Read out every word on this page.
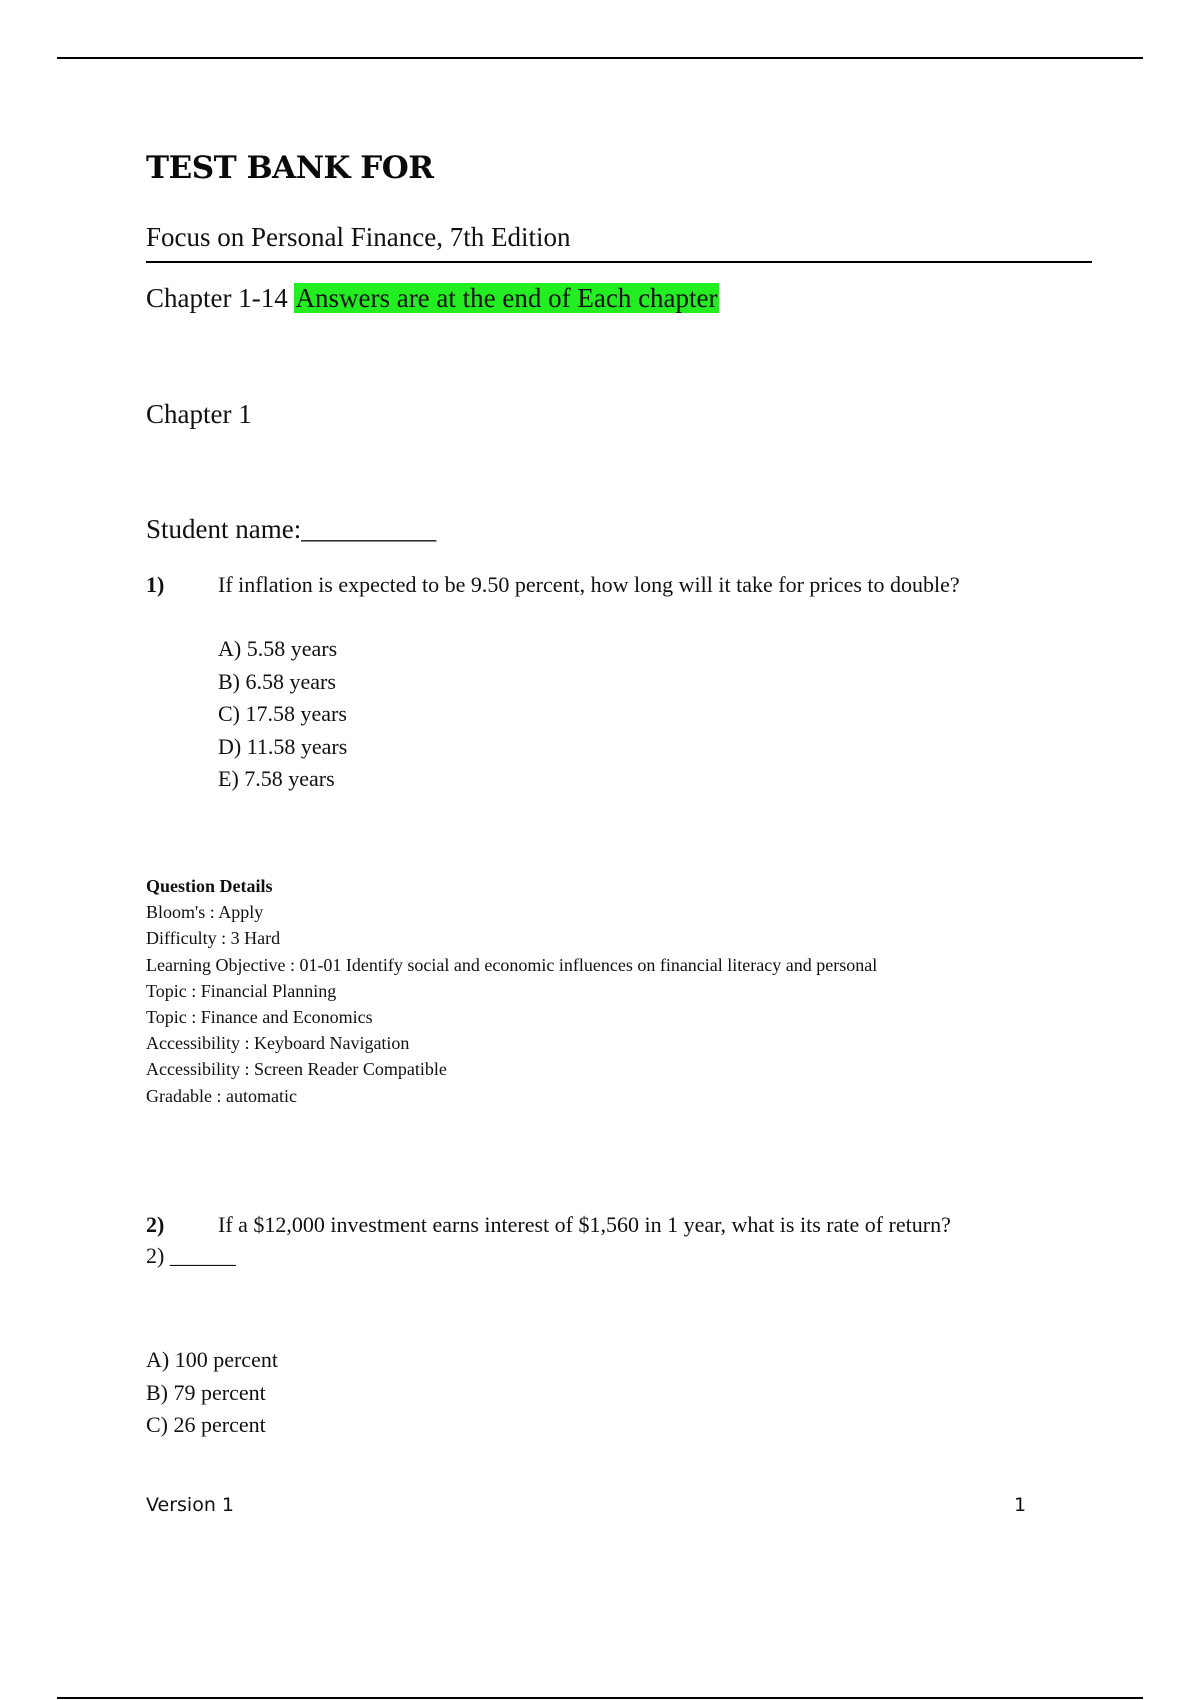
TEST BANK FOR
Focus on Personal Finance, 7th Edition
Chapter 1-14 Answers are at the end of Each chapter
Chapter 1
Student name:__________
1) If inflation is expected to be 9.50 percent, how long will it take for prices to double?
A) 5.58 years
B) 6.58 years
C) 17.58 years
D) 11.58 years
E) 7.58 years
Question Details
Bloom's : Apply
Difficulty : 3 Hard
Learning Objective : 01-01 Identify social and economic influences on financial literacy and personal
Topic : Financial Planning
Topic : Finance and Economics
Accessibility : Keyboard Navigation
Accessibility : Screen Reader Compatible
Gradable : automatic
2) If a $12,000 investment earns interest of $1,560 in 1 year, what is its rate of return?
2) ______
A) 100 percent
B) 79 percent
C) 26 percent
Version 1	1
